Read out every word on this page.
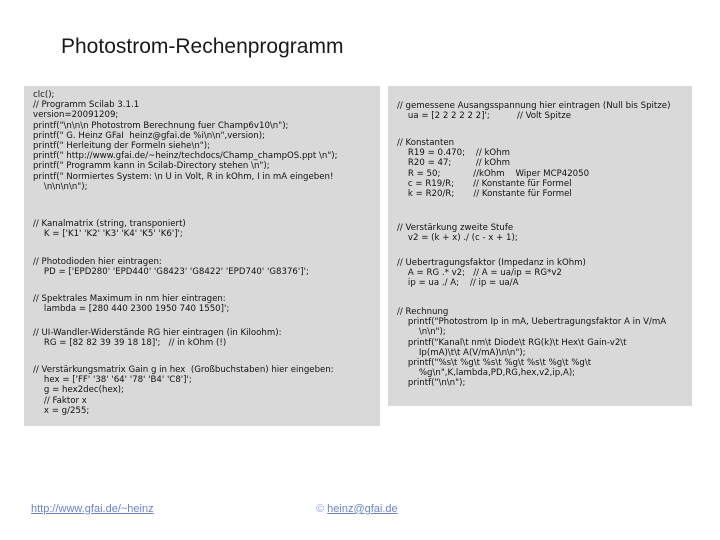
Photostrom-Rechenprogramm
clc();
// Programm Scilab 3.1.1
version=20091209;
printf("\n\n\n Photostrom Berechnung fuer Champ6v10\n");
printf(" G. Heinz GFaI  heinz@gfai.de %i\n\n",version);
printf(" Herleitung der Formeln siehe\n");
printf(" http://www.gfai.de/~heinz/techdocs/Champ_champOS.ppt \n");
printf(" Programm kann in Scilab-Directory stehen \n");
printf(" Normiertes System: \n U in Volt, R in kOhm, I in mA eingeben!
\n\n\n\n");
// Kanalmatrix (string, transponiert)
K = ['K1' 'K2' 'K3' 'K4' 'K5' 'K6']';
// Photodioden hier eintragen:
PD = ['EPD280' 'EPD440' 'G8423' 'G8422' 'EPD740' 'G8376']';
// Spektrales Maximum in nm hier eintragen:
lambda = [280 440 2300 1950 740 1550]';
// UI-Wandler-Widerstände RG hier eintragen (in Kiloohm):
RG = [82 82 39 39 18 18]';   // in kOhm (!)
// Verstärkungsmatrix Gain g in hex  (Großbuchstaben) hier eingeben:
hex = ['FF' '38' '64' '78' 'B4' 'C8']';
g = hex2dec(hex);
// Faktor x
x = g/255;
// gemessene Ausangsspannung hier eintragen (Null bis Spitze)
ua = [2 2 2 2 2 2]';          // Volt Spitze
// Konstanten
R19 = 0.470;    // kOhm
R20 = 47;         // kOhm
R = 50;            //kOhm    Wiper MCP42050
c = R19/R;       // Konstante für Formel
k = R20/R;       // Konstante für Formel
// Verstärkung zweite Stufe
v2 = (k + x) ./ (c - x + 1);
// Uebertragungsfaktor (Impedanz in kOhm)
A = RG .* v2;   // A = ua/ip = RG*v2
ip = ua ./ A;    // ip = ua/A
// Rechnung
printf("Photostrom Ip in mA, Uebertragungsfaktor A in V/mA
\n\n");
printf("Kanal\t nm\t Diode\t RG(k)\t Hex\t Gain-v2\t
Ip(mA)\t\t A(V/mA)\n\n");
printf("%s\t %g\t %s\t %g\t %s\t %g\t %g\t
%g\n",K,lambda,PD,RG,hex,v2,ip,A);
printf("\n\n");
http://www.gfai.de/~heinz	© heinz@gfai.de
